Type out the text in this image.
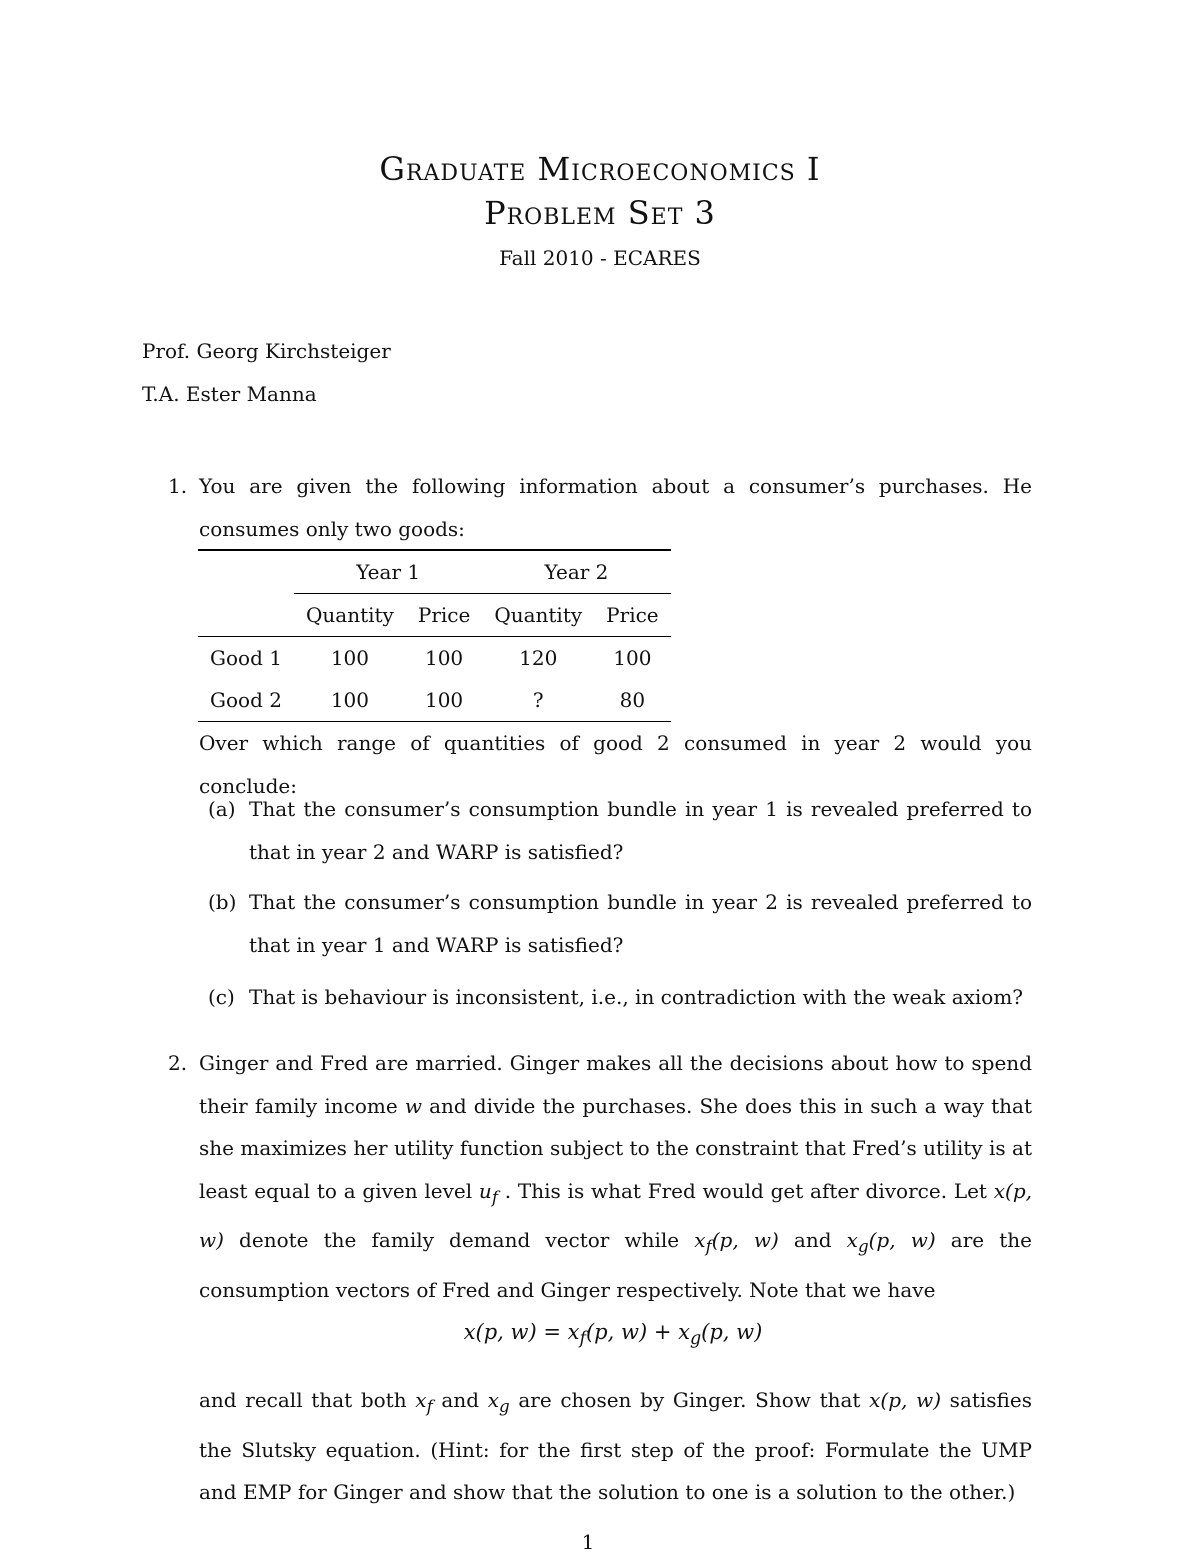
Graduate Microeconomics I
Problem Set 3
Fall 2010 - ECARES
Prof. Georg Kirchsteiger
T.A. Ester Manna
1. You are given the following information about a consumer’s purchases. He consumes only two goods:
	Year 1		Year 2	
	Quantity	Price	Quantity	Price
Good 1	100	100	120	100
Good 2	100	100	?	80
Over which range of quantities of good 2 consumed in year 2 would you conclude:
(a) That the consumer’s consumption bundle in year 1 is revealed preferred to that in year 2 and WARP is satisfied?
(b) That the consumer’s consumption bundle in year 2 is revealed preferred to that in year 1 and WARP is satisfied?
(c) That is behaviour is inconsistent, i.e., in contradiction with the weak axiom?
2. Ginger and Fred are married. Ginger makes all the decisions about how to spend their family income w and divide the purchases. She does this in such a way that she maximizes her utility function subject to the constraint that Fred’s utility is at least equal to a given level $u_f$ . This is what Fred would get after divorce. Let x(p, w) denote the family demand vector while $x_f(p$, w) and $x_g(p$, w) are the consumption vectors of Fred and Ginger respectively. Note that we have
x(p, $w) = x_f(p$, $w) + x_g(p$, w)
and recall that both $x_f$ and $x_g$ are chosen by Ginger. Show that x(p, w) satisfies the Slutsky equation. (Hint: for the first step of the proof: Formulate the UMP and EMP for Ginger and show that the solution to one is a solution to the other.)
1
